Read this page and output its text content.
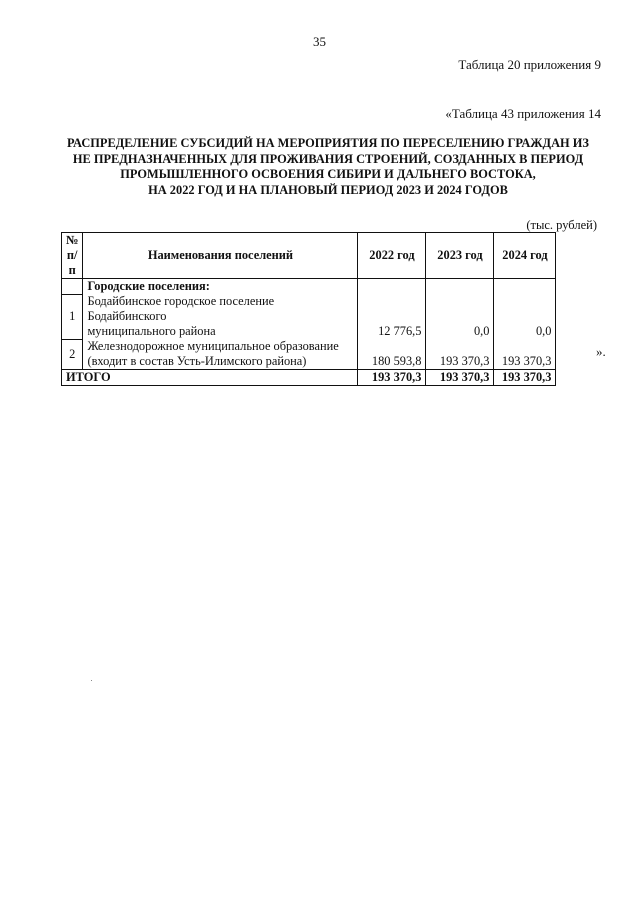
35
Таблица 20 приложения 9
«Таблица 43 приложения 14
РАСПРЕДЕЛЕНИЕ СУБСИДИЙ НА МЕРОПРИЯТИЯ ПО ПЕРЕСЕЛЕНИЮ ГРАЖДАН ИЗ
НЕ ПРЕДНАЗНАЧЕННЫХ ДЛЯ ПРОЖИВАНИЯ СТРОЕНИЙ, СОЗДАННЫХ В ПЕРИОД
ПРОМЫШЛЕННОГО ОСВОЕНИЯ СИБИРИ И ДАЛЬНЕГО ВОСТОКА,
НА 2022 ГОД И НА ПЛАНОВЫЙ ПЕРИОД 2023 И 2024 ГОДОВ
(тыс. рублей)
№
п/п	Наименования поселений	2022 год	2023 год	2024 год
	Городские поселения:			
1	Бодайбинское городское поселение Бодайбинского
муниципального района	12 776,5	0,0	0,0
2	Железнодорожное муниципальное образование
(входит в состав Усть-Илимского района)	180 593,8	193 370,3	193 370,3
ИТОГО		193 370,3	193 370,3	193 370,3
».
